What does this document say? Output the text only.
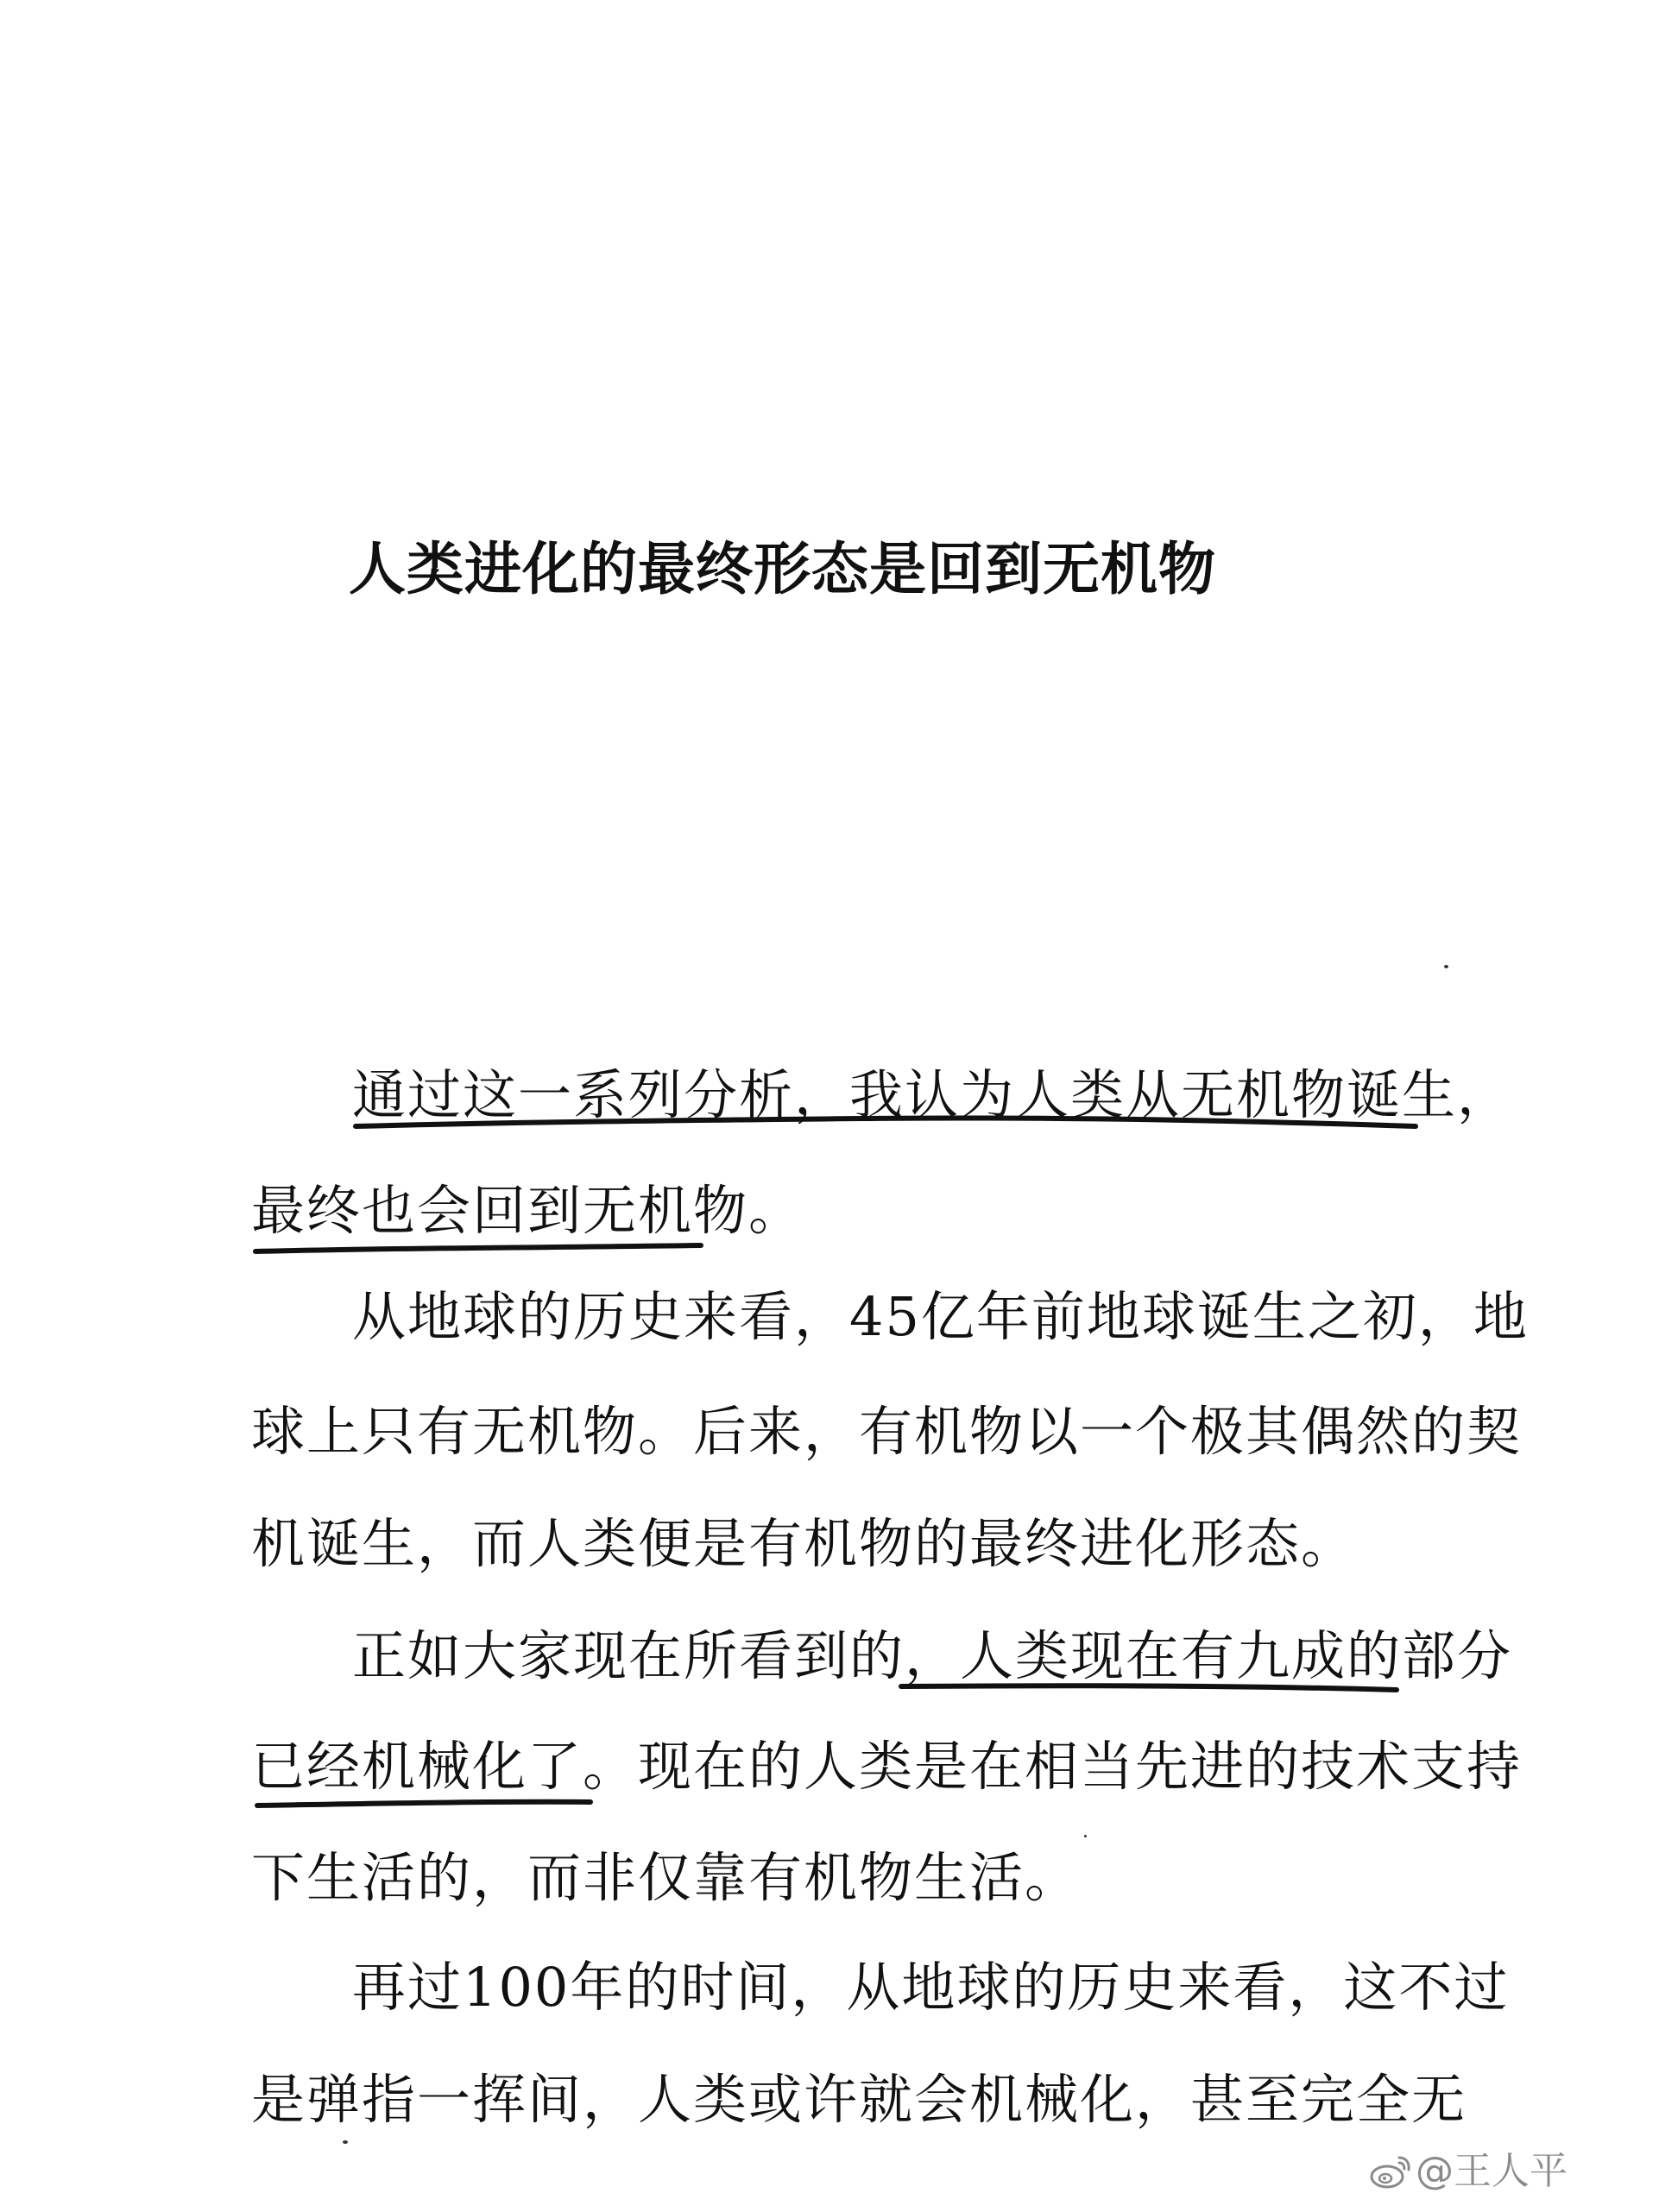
人类进化的最终形态是回到无机物
通过这一系列分析，我认为人类从无机物诞生，
最终也会回到无机物。
从地球的历史来看，45亿年前地球诞生之初，地
球上只有无机物。后来，有机物以一个极其偶然的契
机诞生，而人类便是有机物的最终进化形态。
正如大家现在所看到的，人类现在有九成的部分
已经机械化了。现在的人类是在相当先进的技术支持
下生活的，而非仅靠有机物生活。
再过100年的时间，从地球的历史来看，这不过
是弹指一挥间，人类或许就会机械化，甚至完全无
@王人平
